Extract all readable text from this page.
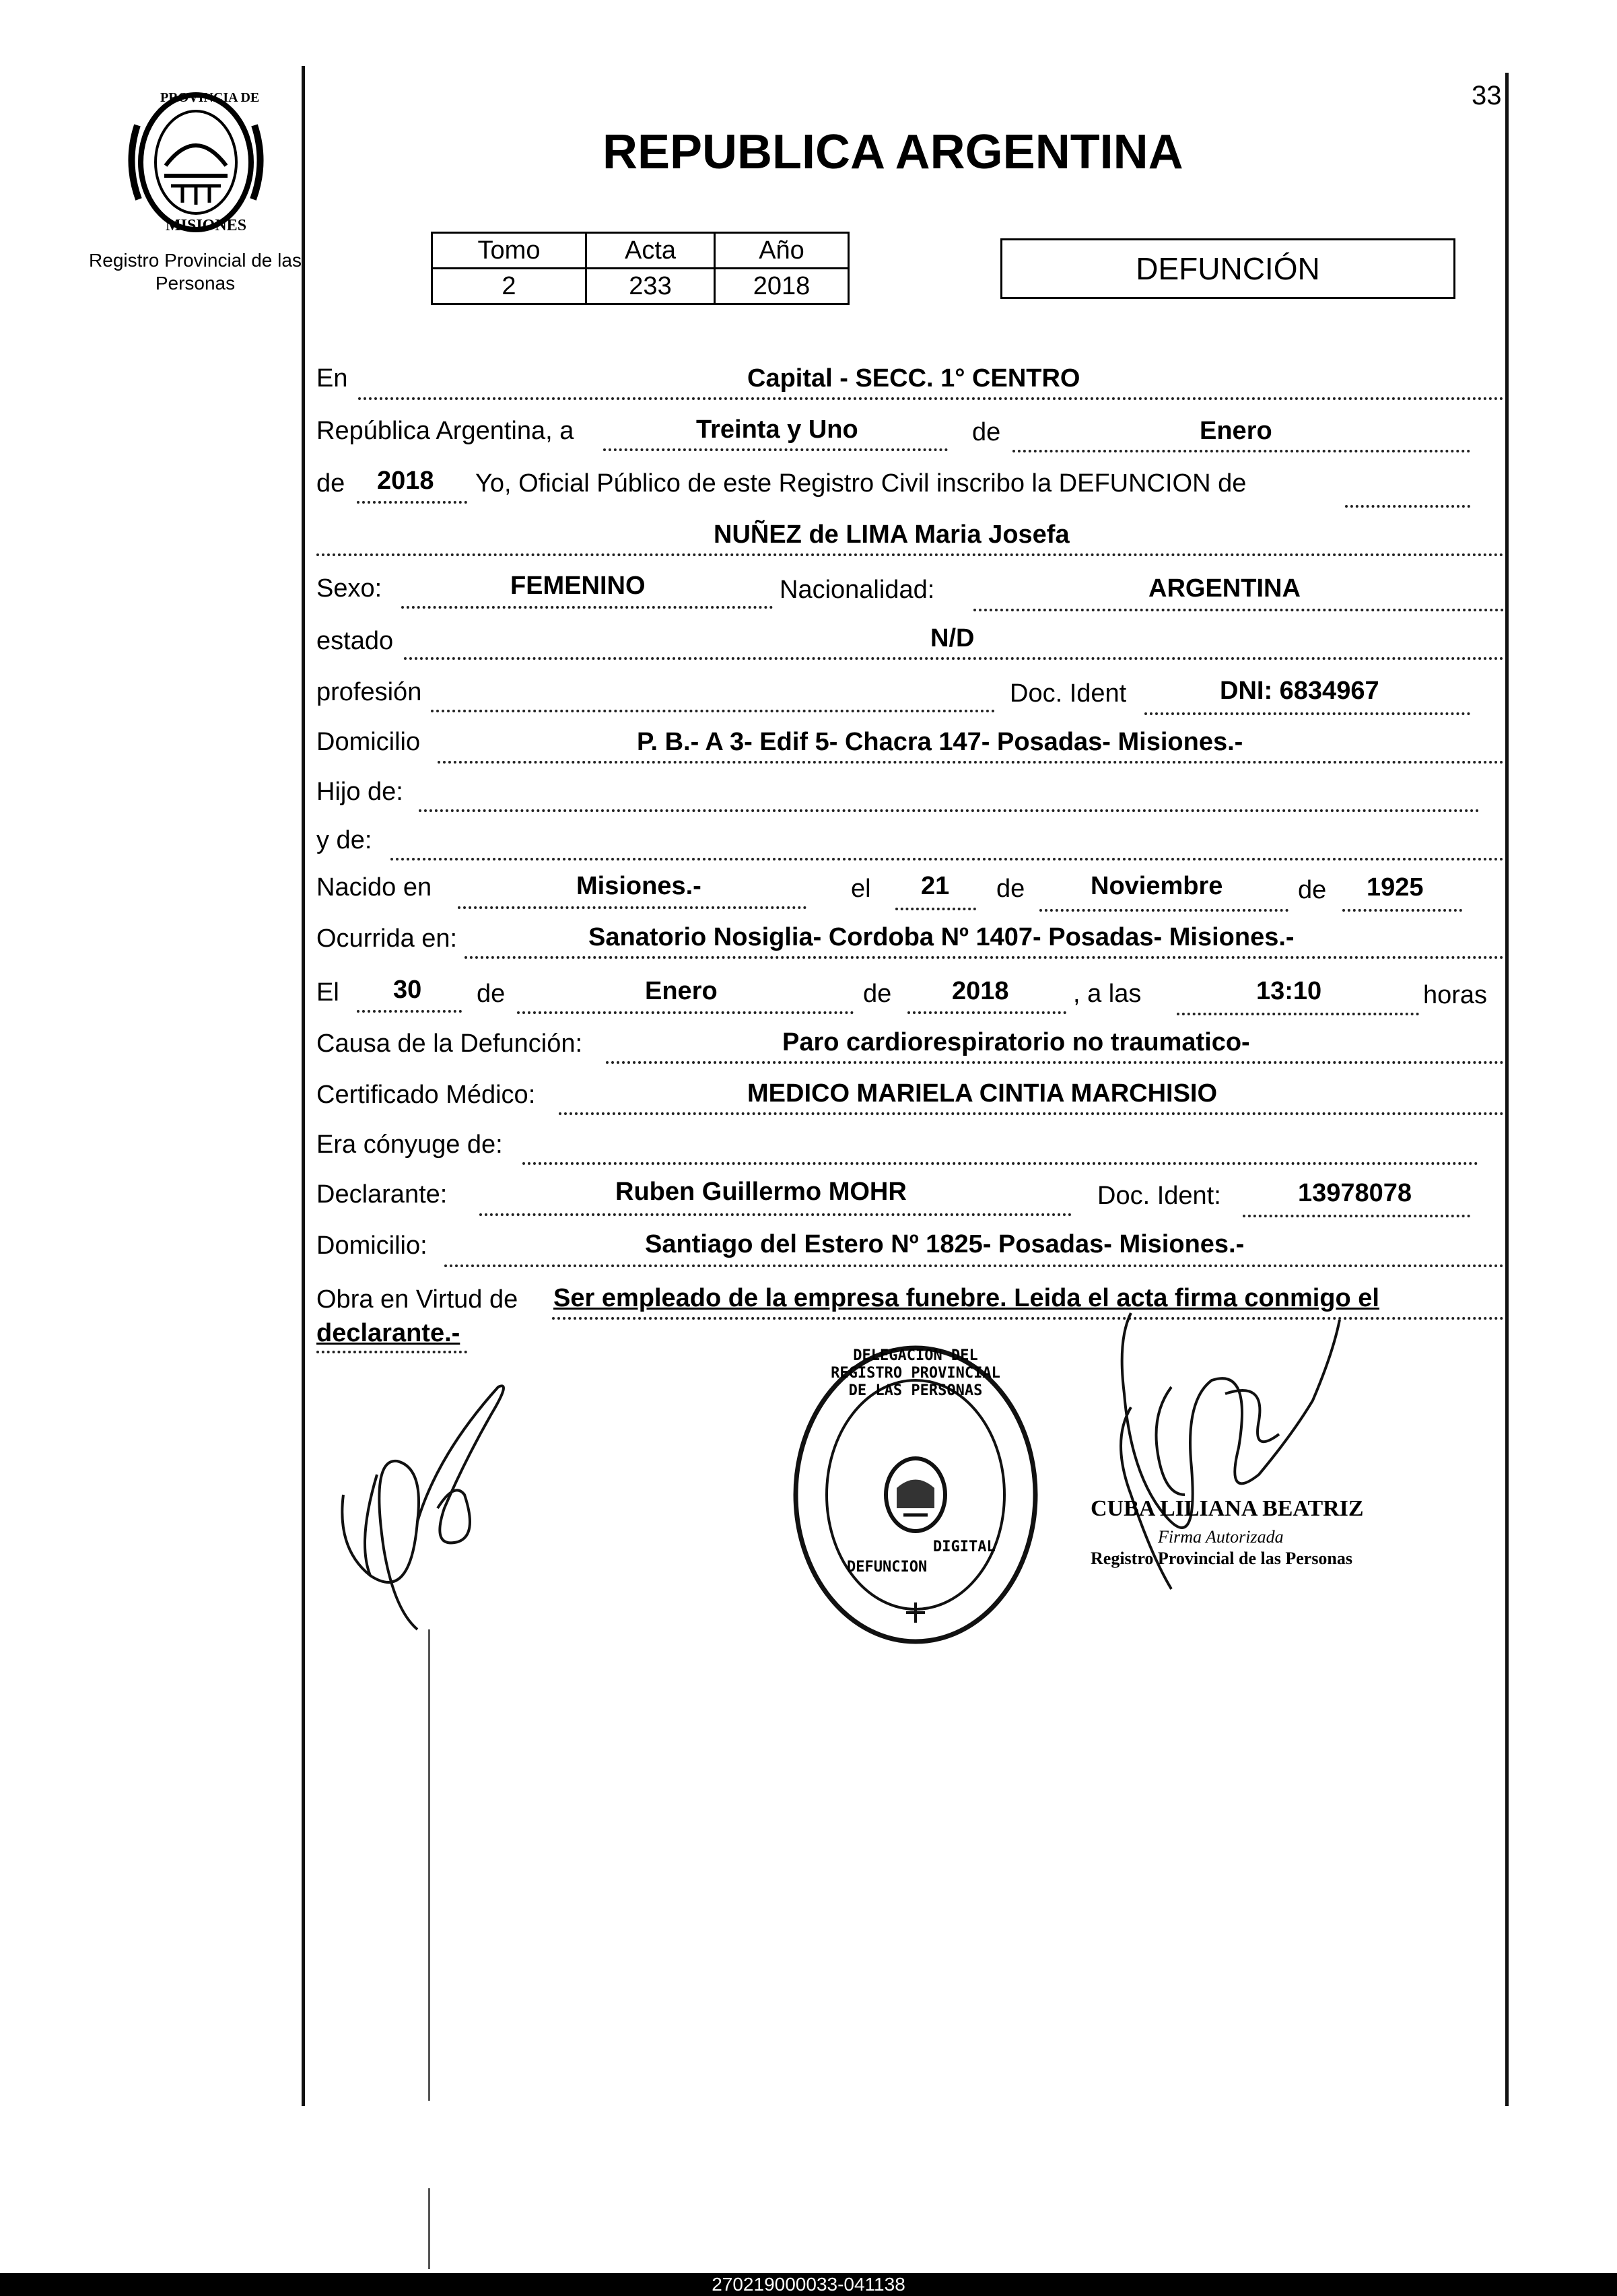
33
PROVINCIA DE
MISIONES
Registro Provincial de las Personas
REPUBLICA ARGENTINA
Tomo	Acta	Año
2	233	2018	DEFUNCIÓN
En	Capital - SECC. 1° CENTRO
República Argentina, a	Treinta y Uno	de	Enero
de 2018 Yo, Oficial Público de este Registro Civil inscribo la DEFUNCION de
NUÑEZ de LIMA Maria Josefa
Sexo:	FEMENINO	Nacionalidad:	ARGENTINA
estado	N/D
profesión	Doc. Ident	DNI: 6834967
Domicilio	P. B.- A 3- Edif 5- Chacra 147- Posadas- Misiones.-
Hijo de:
y de:
Nacido en	Misiones.-	el 21 de	Noviembre	de 1925
Ocurrida en:	Sanatorio Nosiglia- Cordoba Nº 1407- Posadas- Misiones.-
El 30 de	Enero	de 2018	, a las	13:10	horas
Causa de la Defunción:	Paro cardiorespiratorio no traumatico-
Certificado Médico:	MEDICO MARIELA CINTIA MARCHISIO
Era cónyuge de:
Declarante:	Ruben Guillermo MOHR	Doc. Ident:	13978078
Domicilio:	Santiago del Estero Nº 1825- Posadas- Misiones.-
Obra en Virtud de Ser empleado de la empresa funebre. Leida el acta firma conmigo el
declarante.-
DELEGACION DEL REGISTRO PROVINCIAL DE LAS PERSONAS
DEFUNCION
DIGITAL
CUBA LILIANA BEATRIZ
Firma Autorizada
Registro Provincial de las Personas
270219000033-041138
